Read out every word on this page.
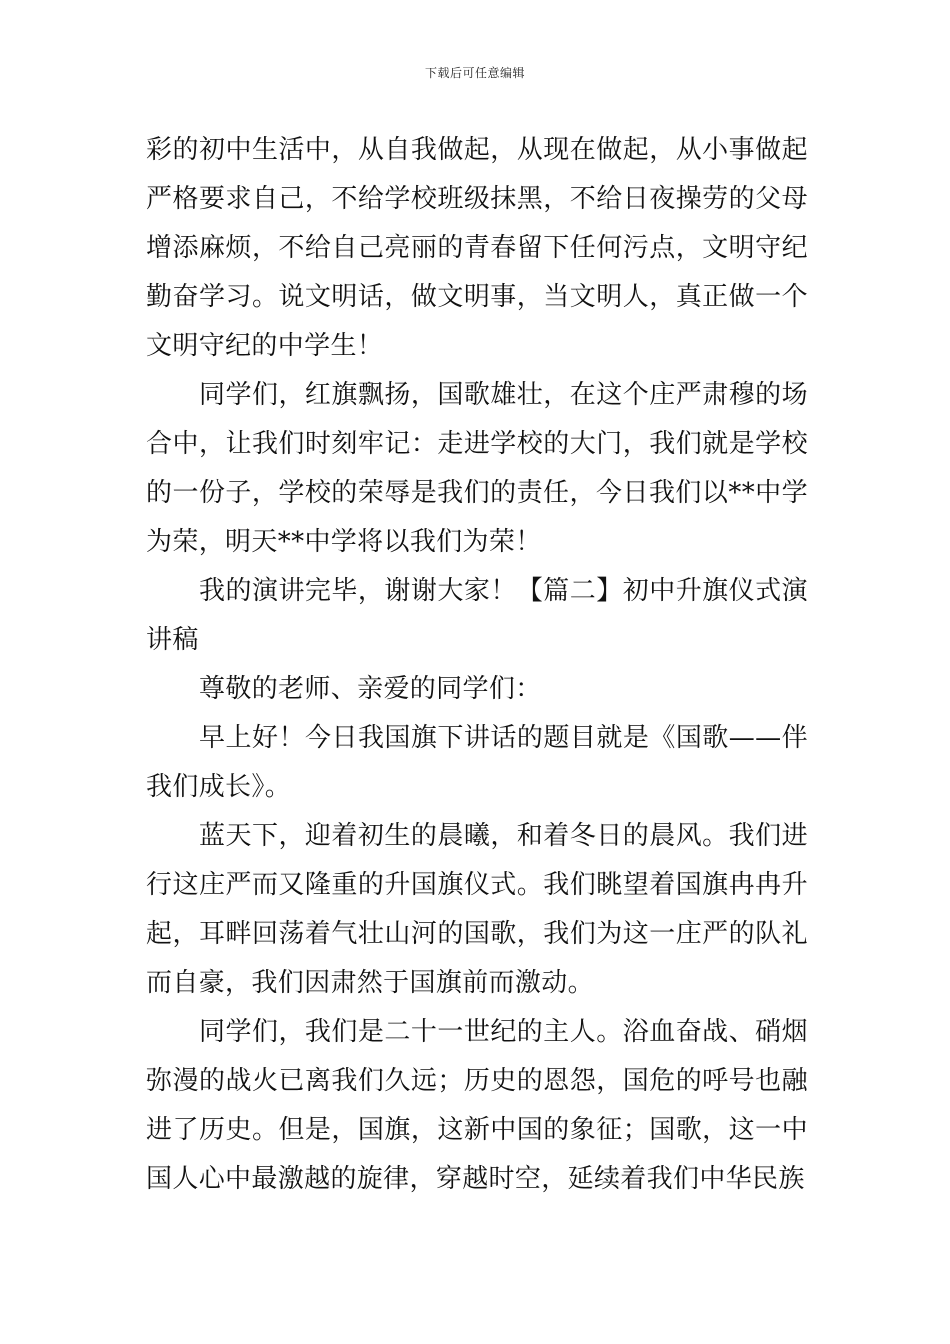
下载后可任意编辑

彩的初中生活中，从自我做起，从现在做起，从小事做起严格要求自己，不给学校班级抹黑，不给日夜操劳的父母增添麻烦，不给自己亮丽的青春留下任何污点，文明守纪勤奋学习。说文明话，做文明事，当文明人，真正做一个文明守纪的中学生！

同学们，红旗飘扬，国歌雄壮，在这个庄严肃穆的场合中，让我们时刻牢记：走进学校的大门，我们就是学校的一份子，学校的荣辱是我们的责任，今日我们以**中学为荣，明天**中学将以我们为荣！

我的演讲完毕，谢谢大家！【篇二】初中升旗仪式演讲稿

尊敬的老师、亲爱的同学们：

早上好！今日我国旗下讲话的题目就是《国歌——伴我们成长》。

蓝天下，迎着初生的晨曦，和着冬日的晨风。我们进行这庄严而又隆重的升国旗仪式。我们眺望着国旗冉冉升起，耳畔回荡着气壮山河的国歌，我们为这一庄严的队礼而自豪，我们因肃然于国旗前而激动。

同学们，我们是二十一世纪的主人。浴血奋战、硝烟弥漫的战火已离我们久远；历史的恩怨，国危的呼号也融进了历史。但是，国旗，这新中国的象征；国歌，这一中国人心中最激越的旋律，穿越时空，延续着我们中华民族
